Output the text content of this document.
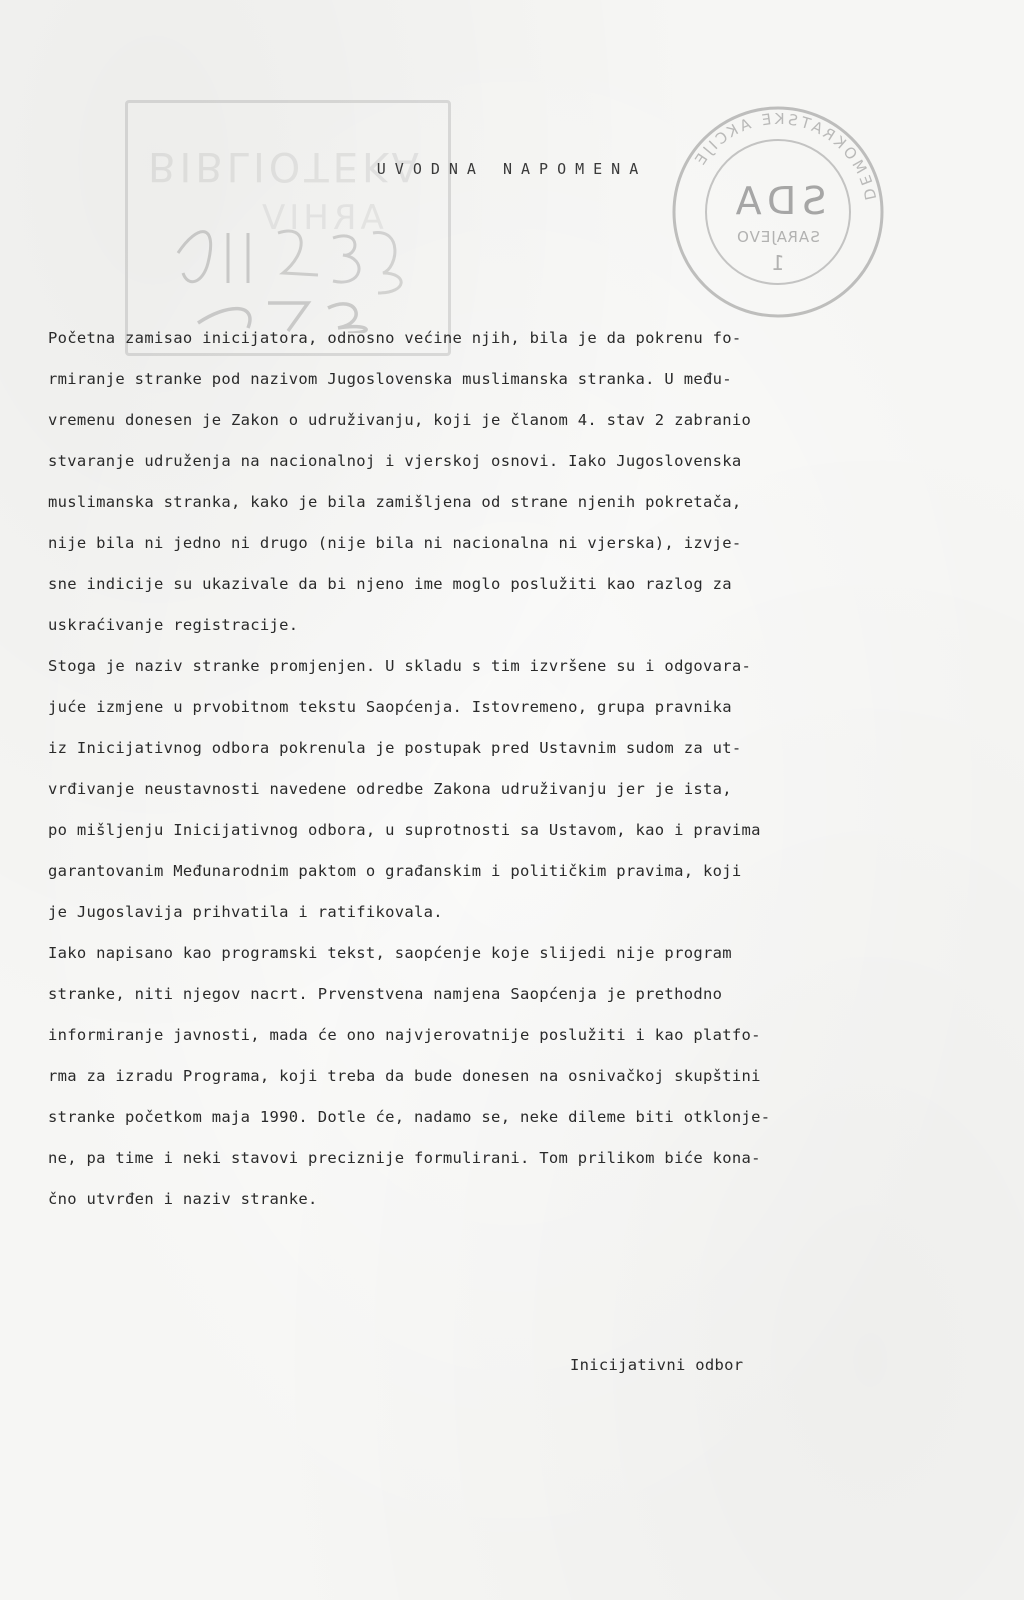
BIBLIOTEKA
ARHIV
DEMOKRATSKE AKCIJE
SDA
SARAJEVO
1
UVODNA NAPOMENA
Početna zamisao inicijatora, odnosno većine njih, bila je da pokrenu fo-
rmiranje stranke pod nazivom Jugoslovenska muslimanska stranka. U među-
vremenu donesen je Zakon o udruživanju, koji je članom 4. stav 2 zabranio
stvaranje udruženja na nacionalnoj i vjerskoj osnovi. Iako Jugoslovenska
muslimanska stranka, kako je bila zamišljena od strane njenih pokretača,
nije bila ni jedno ni drugo (nije bila ni nacionalna ni vjerska), izvje-
sne indicije su ukazivale da bi njeno ime moglo poslužiti kao razlog za
uskraćivanje registracije.
Stoga je naziv stranke promjenjen. U skladu s tim izvršene su i odgovara-
juće izmjene u prvobitnom tekstu Saopćenja. Istovremeno, grupa pravnika
iz Inicijativnog odbora pokrenula je postupak pred Ustavnim sudom za ut-
vrđivanje neustavnosti navedene odredbe Zakona udruživanju jer je ista,
po mišljenju Inicijativnog odbora, u suprotnosti sa Ustavom, kao i pravima
garantovanim Međunarodnim paktom o građanskim i političkim pravima, koji
je Jugoslavija prihvatila i ratifikovala.
Iako napisano kao programski tekst, saopćenje koje slijedi nije program
stranke, niti njegov nacrt. Prvenstvena namjena Saopćenja je prethodno
informiranje javnosti, mada će ono najvjerovatnije poslužiti i kao platfo-
rma za izradu Programa, koji treba da bude donesen na osnivačkoj skupštini
stranke početkom maja 1990. Dotle će, nadamo se, neke dileme biti otklonje-
ne, pa time i neki stavovi preciznije formulirani. Tom prilikom biće kona-
čno utvrđen i naziv stranke.

Inicijativni odbor
